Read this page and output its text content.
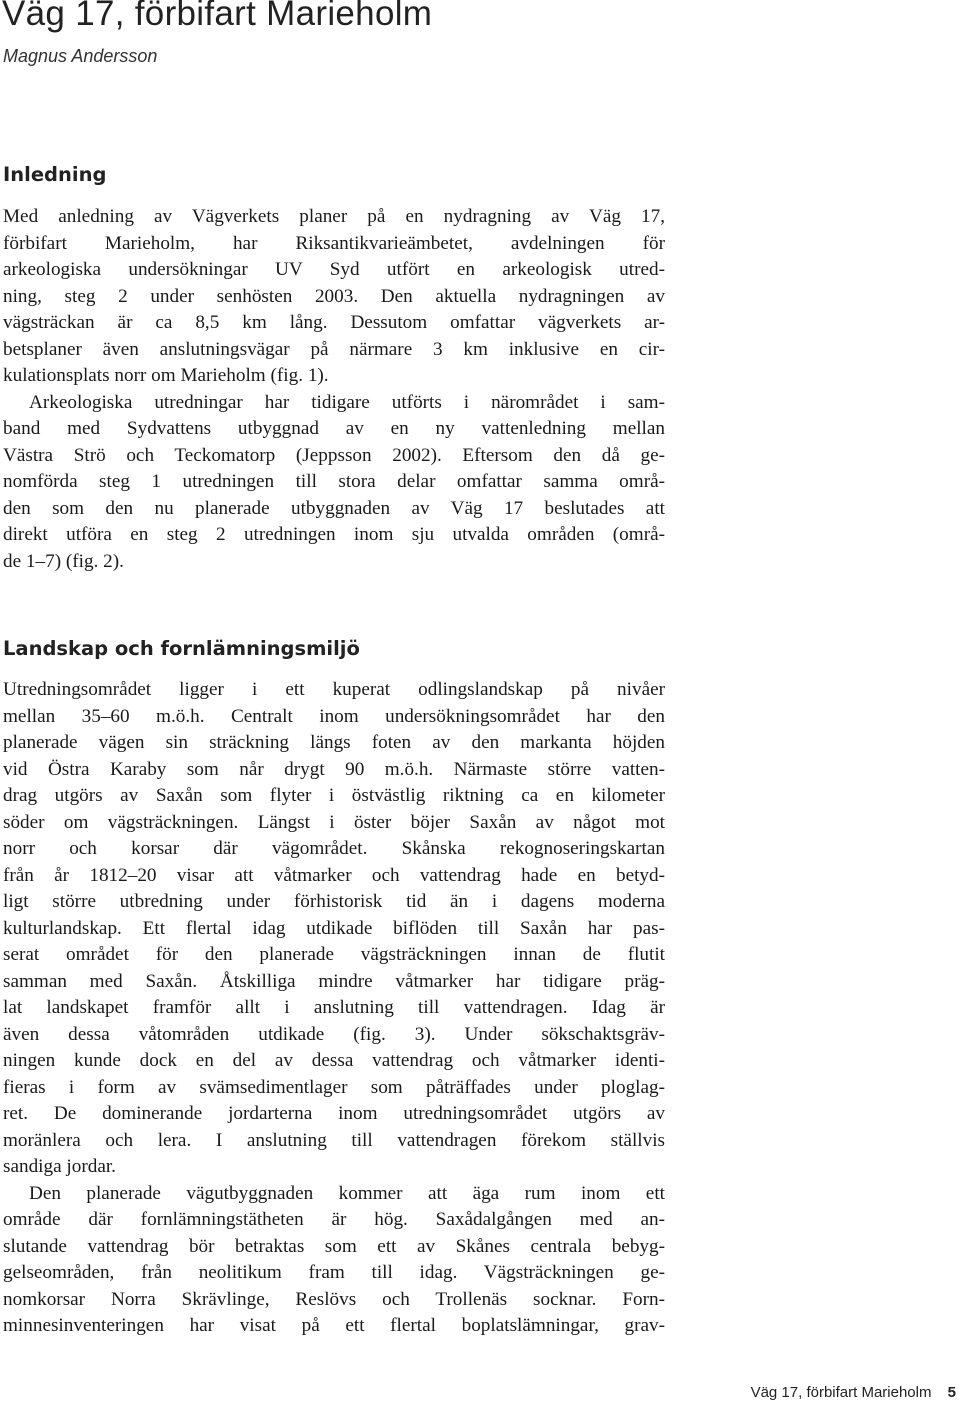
Väg 17, förbifart Marieholm
Magnus Andersson
Inledning
Med anledning av Vägverkets planer på en nydragning av Väg 17,
förbifart Marieholm, har Riksantikvarieämbetet, avdelningen för
arkeologiska undersökningar UV Syd utfört en arkeologisk utred-
ning, steg 2 under senhösten 2003. Den aktuella nydragningen av
vägsträckan är ca 8,5 km lång. Dessutom omfattar vägverkets ar-
betsplaner även anslutningsvägar på närmare 3 km inklusive en cir-
kulationsplats norr om Marieholm (fig. 1).
Arkeologiska utredningar har tidigare utförts i närområdet i sam-
band med Sydvattens utbyggnad av en ny vattenledning mellan
Västra Strö och Teckomatorp (Jeppsson 2002). Eftersom den då ge-
nomförda steg 1 utredningen till stora delar omfattar samma områ-
den som den nu planerade utbyggnaden av Väg 17 beslutades att
direkt utföra en steg 2 utredningen inom sju utvalda områden (områ-
de 1–7) (fig. 2).
Landskap och fornlämningsmiljö
Utredningsområdet ligger i ett kuperat odlingslandskap på nivåer
mellan 35–60 m.ö.h. Centralt inom undersökningsområdet har den
planerade vägen sin sträckning längs foten av den markanta höjden
vid Östra Karaby som når drygt 90 m.ö.h. Närmaste större vatten-
drag utgörs av Saxån som flyter i östvästlig riktning ca en kilometer
söder om vägsträckningen. Längst i öster böjer Saxån av något mot
norr och korsar där vägområdet. Skånska rekognoseringskartan
från år 1812–20 visar att våtmarker och vattendrag hade en betyd-
ligt större utbredning under förhistorisk tid än i dagens moderna
kulturlandskap. Ett flertal idag utdikade biflöden till Saxån har pas-
serat området för den planerade vägsträckningen innan de flutit
samman med Saxån. Åtskilliga mindre våtmarker har tidigare präg-
lat landskapet framför allt i anslutning till vattendragen. Idag är
även dessa våtområden utdikade (fig. 3). Under sökschaktsgräv-
ningen kunde dock en del av dessa vattendrag och våtmarker identi-
fieras i form av svämsedimentlager som påträffades under ploglag-
ret. De dominerande jordarterna inom utredningsområdet utgörs av
moränlera och lera. I anslutning till vattendragen förekom ställvis
sandiga jordar.
Den planerade vägutbyggnaden kommer att äga rum inom ett
område där fornlämningstätheten är hög. Saxådalgången med an-
slutande vattendrag bör betraktas som ett av Skånes centrala bebyg-
gelseområden, från neolitikum fram till idag. Vägsträckningen ge-
nomkorsar Norra Skrävlinge, Reslövs och Trollenäs socknar. Forn-
minnesinventeringen har visat på ett flertal boplatslämningar, grav-
Väg 17, förbifart Marieholm 5
